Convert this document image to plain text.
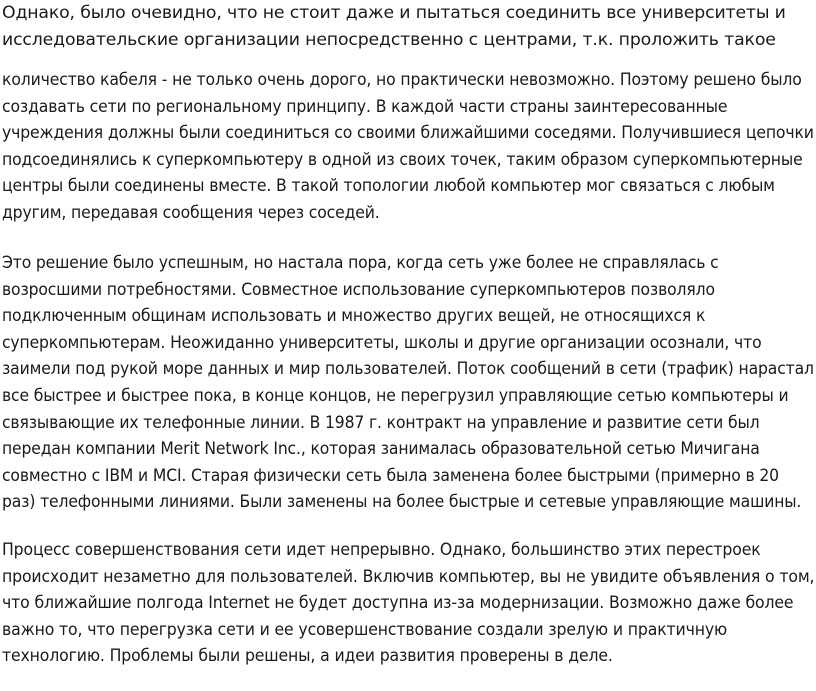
Однако, было очевидно, что не стоит даже и пытаться соединить все университеты и
исследовательские организации непосредственно с центрами, т.к. проложить такое
количество кабеля - не только очень дорого, но практически невозможно. Поэтому решено было
создавать сети по региональному принципу. В каждой части страны заинтересованные
учреждения должны были соединиться со своими ближайшими соседями. Получившиеся цепочки
подсоединялись к суперкомпьютеру в одной из своих точек, таким образом суперкомпьютерные
центры были соединены вместе. В такой топологии любой компьютер мог связаться с любым
другим, передавая сообщения через соседей.
Это решение было успешным, но настала пора, когда сеть уже более не справлялась с
возросшими потребностями. Совместное использование суперкомпьютеров позволяло
подключенным общинам использовать и множество других вещей, не относящихся к
суперкомпьютерам. Неожиданно университеты, школы и другие организации осознали, что
заимели под рукой море данных и мир пользователей. Поток сообщений в сети (трафик) нарастал
все быстрее и быстрее пока, в конце концов, не перегрузил управляющие сетью компьютеры и
связывающие их телефонные линии. В 1987 г. контракт на управление и развитие сети был
передан компании Merit Network Inc., которая занималась образовательной сетью Мичигана
совместно с IBM и MCI. Старая физически сеть была заменена более быстрыми (примерно в 20
раз) телефонными линиями. Были заменены на более быстрые и сетевые управляющие машины.
Процесс совершенствования сети идет непрерывно. Однако, большинство этих перестроек
происходит незаметно для пользователей. Включив компьютер, вы не увидите объявления о том,
что ближайшие полгода Internet не будет доступна из-за модернизации. Возможно даже более
важно то, что перегрузка сети и ее усовершенствование создали зрелую и практичную
технологию. Проблемы были решены, а идеи развития проверены в деле.
